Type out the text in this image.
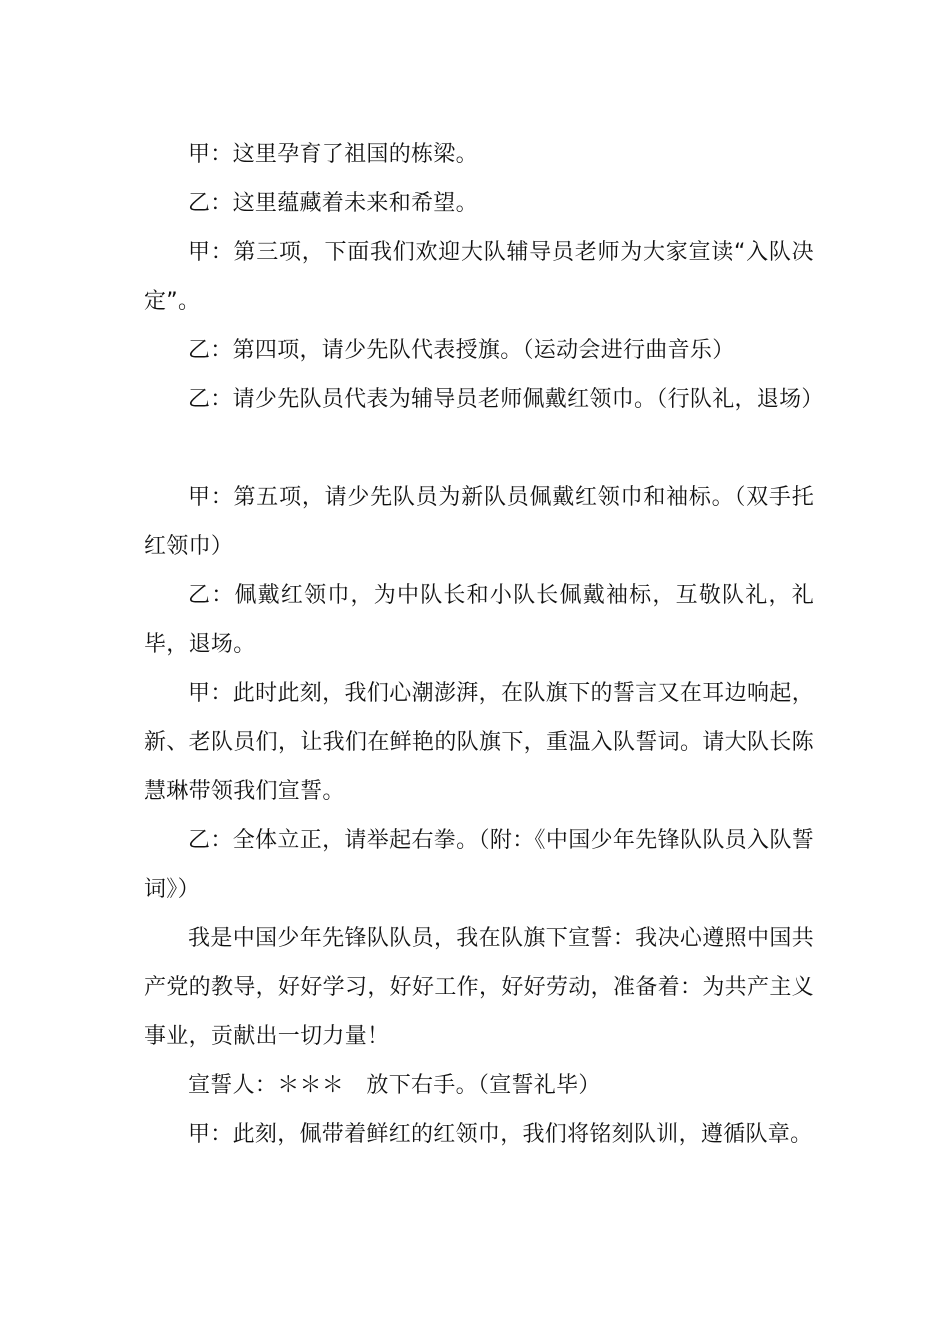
甲：这里孕育了祖国的栋梁。

乙：这里蕴藏着未来和希望。

甲：第三项，下面我们欢迎大队辅导员老师为大家宣读“入队决定”。

乙：第四项，请少先队代表授旗。（运动会进行曲音乐）

乙：请少先队员代表为辅导员老师佩戴红领巾。（行队礼，退场）

甲：第五项，请少先队员为新队员佩戴红领巾和袖标。（双手托红领巾）

乙：佩戴红领巾，为中队长和小队长佩戴袖标，互敬队礼，礼毕，退场。

甲：此时此刻，我们心潮澎湃，在队旗下的誓言又在耳边响起，新、老队员们，让我们在鲜艳的队旗下，重温入队誓词。请大队长陈慧琳带领我们宣誓。

乙：全体立正，请举起右拳。（附：《中国少年先锋队队员入队誓词》）

我是中国少年先锋队队员，我在队旗下宣誓：我决心遵照中国共产党的教导，好好学习，好好工作，好好劳动，准备着：为共产主义事业，贡献出一切力量！

宣誓人：＊＊＊　放下右手。（宣誓礼毕）

甲：此刻，佩带着鲜红的红领巾，我们将铭刻队训，遵循队章。
